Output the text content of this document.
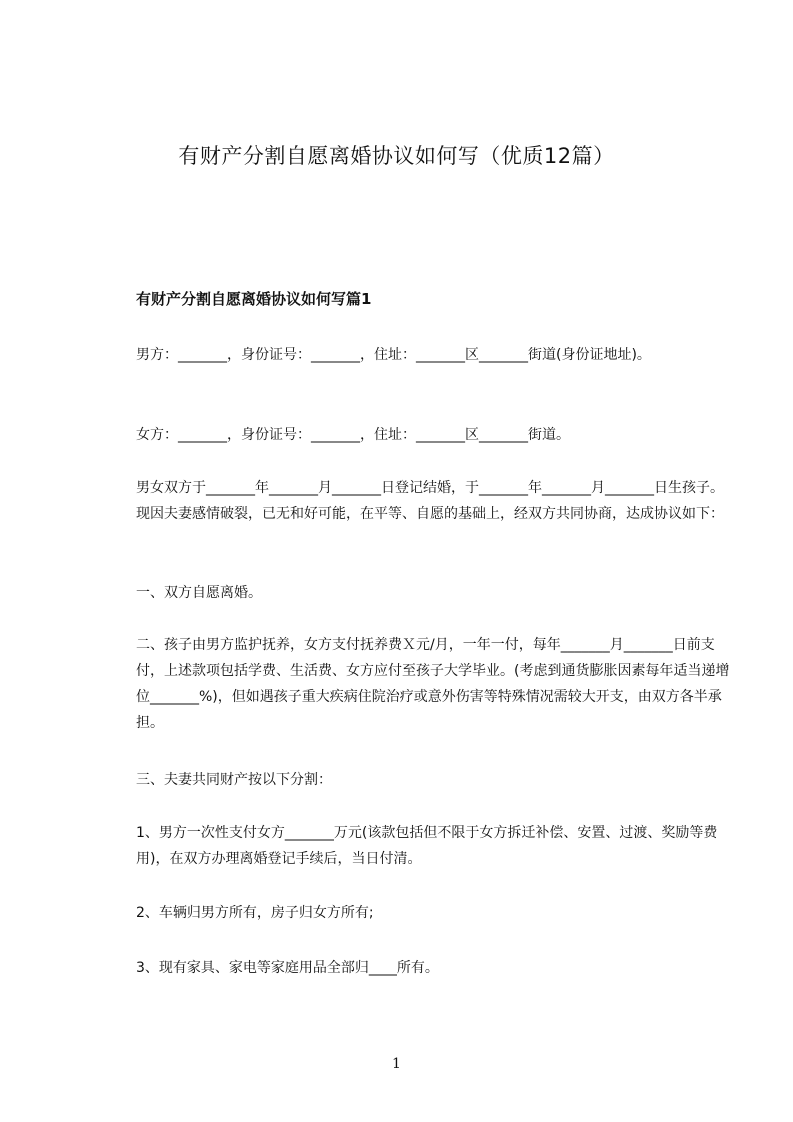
有财产分割自愿离婚协议如何写（优质12篇）
有财产分割自愿离婚协议如何写篇1

男方：_______，身份证号：_______，住址：_______区_______街道(身份证地址)。

女方：_______，身份证号：_______，住址：_______区_______街道。

男女双方于_______年_______月_______日登记结婚，于_______年_______月_______日生孩子。现因夫妻感情破裂，已无和好可能，在平等、自愿的基础上，经双方共同协商，达成协议如下：

一、双方自愿离婚。

二、孩子由男方监护抚养，女方支付抚养费Ｘ元/月，一年一付，每年_______月_______日前支付，上述款项包括学费、生活费、女方应付至孩子大学毕业。(考虑到通货膨胀因素每年适当递增位_______%)，但如遇孩子重大疾病住院治疗或意外伤害等特殊情况需较大开支，由双方各半承担。

三、夫妻共同财产按以下分割：

1、男方一次性支付女方_______万元(该款包括但不限于女方拆迁补偿、安置、过渡、奖励等费用)，在双方办理离婚登记手续后，当日付清。

2、车辆归男方所有，房子归女方所有;

3、现有家具、家电等家庭用品全部归____所有。

1
